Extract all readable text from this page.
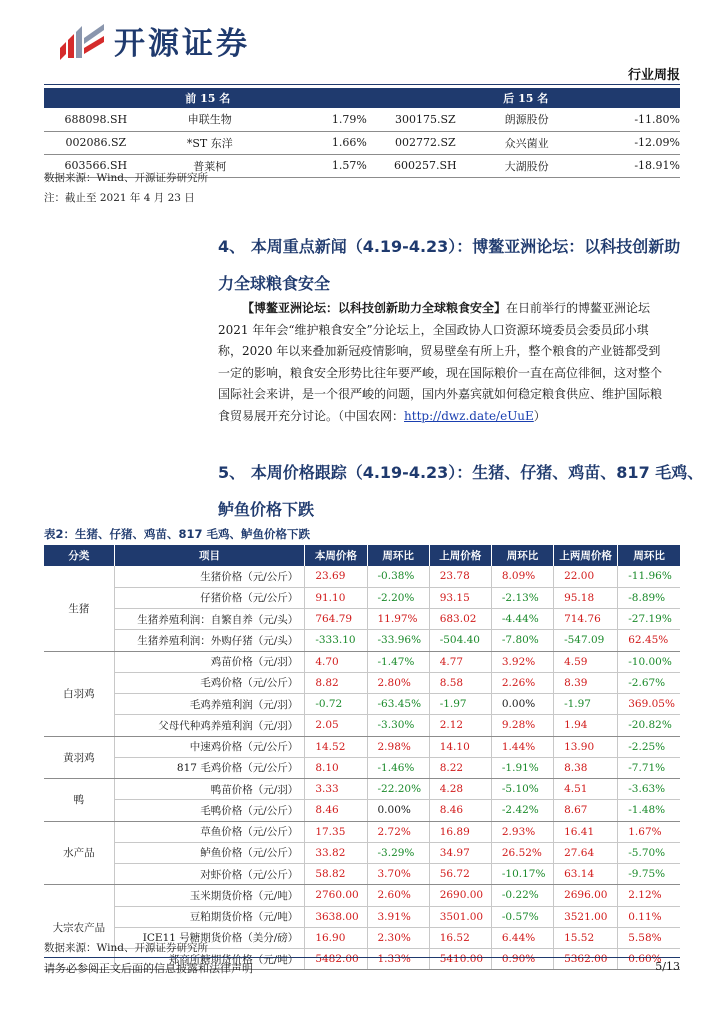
开源证券
行业周报
前 15 名			后 15 名		
688098.SH	申联生物	1.79%	300175.SZ	朗源股份	-11.80%
002086.SZ	*ST 东洋	1.66%	002772.SZ	众兴菌业	-12.09%
603566.SH	普莱柯	1.57%	600257.SH	大湖股份	-18.91%
数据来源：Wind、开源证券研究所
注：截止至 2021 年 4 月 23 日
4、 本周重点新闻（4.19-4.23）：博鳌亚洲论坛：以科技创新助
力全球粮食安全
【博鳌亚洲论坛：以科技创新助力全球粮食安全】在日前举行的博鳌亚洲论坛
2021 年年会“维护粮食安全”分论坛上，全国政协人口资源环境委员会委员邱小琪
称，2020 年以来叠加新冠疫情影响，贸易壁垒有所上升，整个粮食的产业链都受到
一定的影响，粮食安全形势比往年要严峻，现在国际粮价一直在高位徘徊，这对整个
国际社会来讲，是一个很严峻的问题，国内外嘉宾就如何稳定粮食供应、维护国际粮
食贸易展开充分讨论。（中国农网：http://dwz.date/eUuE）
5、 本周价格跟踪（4.19-4.23）：生猪、仔猪、鸡苗、817 毛鸡、
鲈鱼价格下跌
表2：生猪、仔猪、鸡苗、817 毛鸡、鲈鱼价格下跌
分类	项目	本周价格	周环比	上周价格	周环比	上两周价格	周环比
生猪	生猪价格（元/公斤）	23.69	-0.38%	23.78	8.09%	22.00	-11.96%
	仔猪价格（元/公斤）	91.10	-2.20%	93.15	-2.13%	95.18	-8.89%
	生猪养殖利润：自繁自养（元/头）	764.79	11.97%	683.02	-4.44%	714.76	-27.19%
	生猪养殖利润：外购仔猪（元/头）	-333.10	-33.96%	-504.40	-7.80%	-547.09	62.45%
白羽鸡	鸡苗价格（元/羽）	4.70	-1.47%	4.77	3.92%	4.59	-10.00%
	毛鸡价格（元/公斤）	8.82	2.80%	8.58	2.26%	8.39	-2.67%
	毛鸡养殖利润（元/羽）	-0.72	-63.45%	-1.97	0.00%	-1.97	369.05%
	父母代种鸡养殖利润（元/羽）	2.05	-3.30%	2.12	9.28%	1.94	-20.82%
黄羽鸡	中速鸡价格（元/公斤）	14.52	2.98%	14.10	1.44%	13.90	-2.25%
	817 毛鸡价格（元/公斤）	8.10	-1.46%	8.22	-1.91%	8.38	-7.71%
鸭	鸭苗价格（元/羽）	3.33	-22.20%	4.28	-5.10%	4.51	-3.63%
	毛鸭价格（元/公斤）	8.46	0.00%	8.46	-2.42%	8.67	-1.48%
水产品	草鱼价格（元/公斤）	17.35	2.72%	16.89	2.93%	16.41	1.67%
	鲈鱼价格（元/公斤）	33.82	-3.29%	34.97	26.52%	27.64	-5.70%
	对虾价格（元/公斤）	58.82	3.70%	56.72	-10.17%	63.14	-9.75%
大宗农产品	玉米期货价格（元/吨）	2760.00	2.60%	2690.00	-0.22%	2696.00	2.12%
	豆粕期货价格（元/吨）	3638.00	3.91%	3501.00	-0.57%	3521.00	0.11%
	ICE11 号糖期货价格（美分/磅）	16.90	2.30%	16.52	6.44%	15.52	5.58%
	郑商所糖期货价格（元/吨）	5482.00	1.33%	5410.00	0.90%	5362.00	0.60%
数据来源：Wind、开源证券研究所
请务必参阅正文后面的信息披露和法律声明	5/13
